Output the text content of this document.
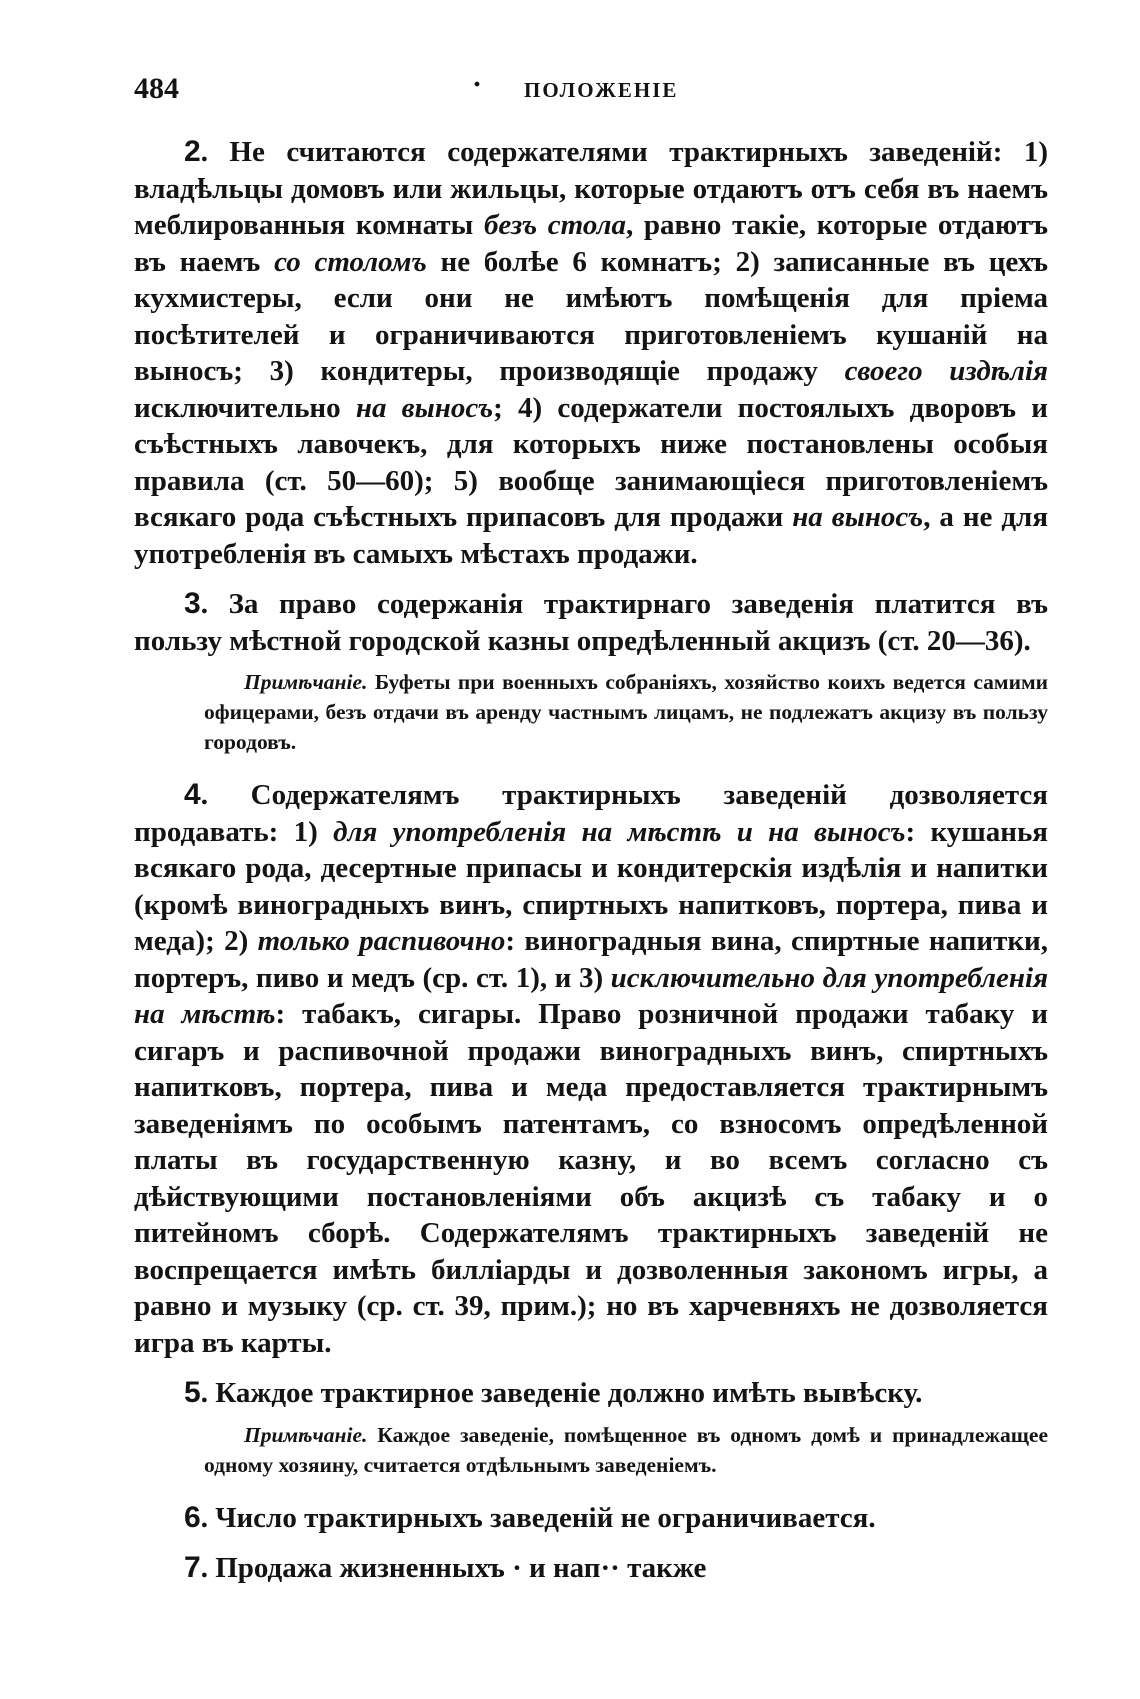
484	· ПОЛОЖЕНІЕ

2. Не считаются содержателями трактирныхъ заведеній: 1) владѣльцы домовъ или жильцы, которые отдаютъ отъ себя въ наемъ меблированныя комнаты безъ стола, равно такіе, которые отдаютъ въ наемъ со столомъ не болѣе 6 комнатъ; 2) записанные въ цехъ кухмистеры, если они не имѣютъ помѣщенія для пріема посѣтителей и ограничиваются приготовленіемъ кушаній на выносъ; 3) кондитеры, производящіе продажу своего издѣлія исключительно на выносъ; 4) содержатели постоялыхъ дворовъ и съѣстныхъ лавочекъ, для которыхъ ниже постановлены особыя правила (ст. 50—60); 5) вообще занимающіеся приготовленіемъ всякаго рода съѣстныхъ припасовъ для продажи на выносъ, а не для употребленія въ самыхъ мѣстахъ продажи.

3. За право содержанія трактирнаго заведенія платится въ пользу мѣстной городской казны опредѣленный акцизъ (ст. 20—36).

Примѣчаніе. Буфеты при военныхъ собраніяхъ, хозяйство коихъ ведется самими офицерами, безъ отдачи въ аренду частнымъ лицамъ, не подлежатъ акцизу въ пользу городовъ.

4. Содержателямъ трактирныхъ заведеній дозволяется продавать: 1) для употребленія на мѣстѣ и на выносъ: кушанья всякаго рода, десертные припасы и кондитерскія издѣлія и напитки (кромѣ виноградныхъ винъ, спиртныхъ напитковъ, портера, пива и меда); 2) только распивочно: виноградныя вина, спиртные напитки, портеръ, пиво и медъ (ср. ст. 1), и 3) исключительно для употребленія на мѣстѣ: табакъ, сигары. Право розничной продажи табаку и сигаръ и распивочной продажи виноградныхъ винъ, спиртныхъ напитковъ, портера, пива и меда предоставляется трактирнымъ заведеніямъ по особымъ патентамъ, со взносомъ опредѣленной платы въ государственную казну, и во всемъ согласно съ дѣйствующими постановленіями объ акцизѣ съ табаку и о питейномъ сборѣ. Содержателямъ трактирныхъ заведеній не воспрещается имѣть билліарды и дозволенныя закономъ игры, а равно и музыку (ср. ст. 39, прим.); но въ харчевняхъ не дозволяется игра въ карты.

5. Каждое трактирное заведеніе должно имѣть вывѣску.

Примѣчаніе. Каждое заведеніе, помѣщенное въ одномъ домѣ и принадлежащее одному хозяину, считается отдѣльнымъ заведеніемъ.

6. Число трактирныхъ заведеній не ограничивается.

7. Продажа жизненныхъ · и нап·· также
